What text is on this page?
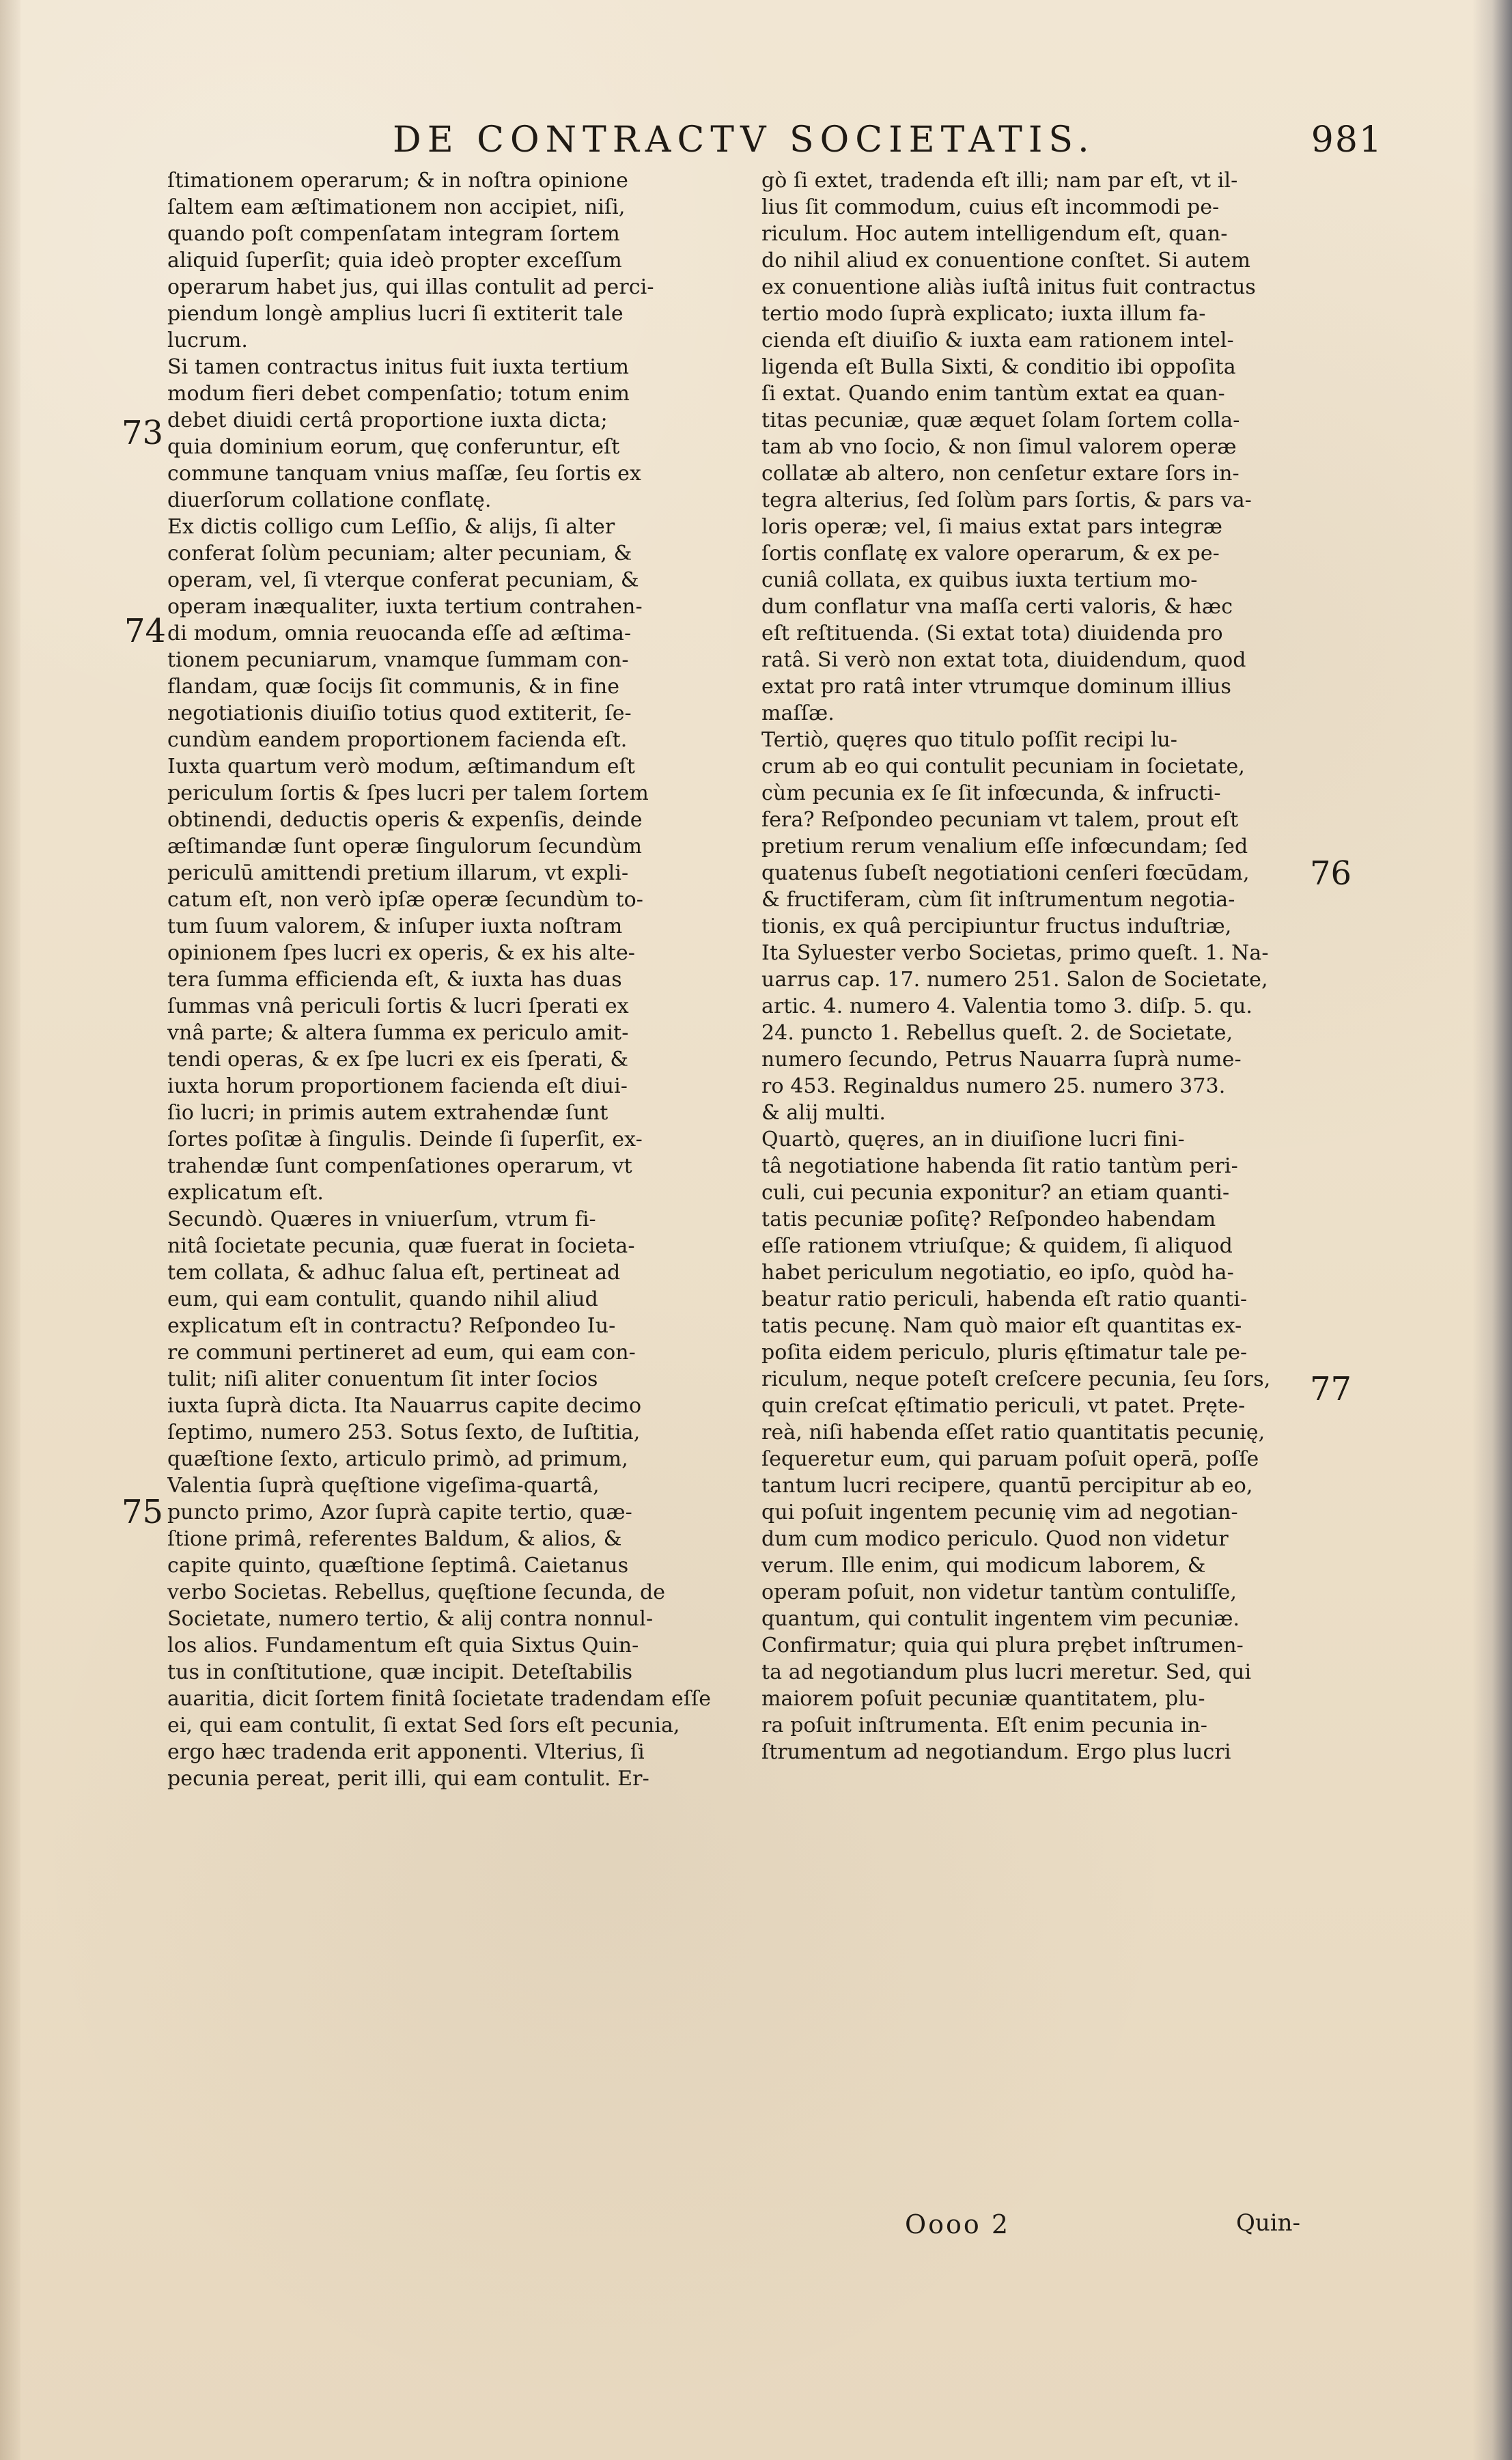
DE CONTRACTV SOCIETATIS.	981
73
74
75
76
77
ſtimationem operarum; & in noſtra opinione
ſaltem eam æſtimationem non accipiet, niſi,
quando poſt compenſatam integram ſortem
aliquid ſuperſit; quia ideò propter exceſſum
operarum habet jus, qui illas contulit ad perci-
piendum longè amplius lucri ſi extiterit tale
lucrum.
Si tamen contractus initus fuit iuxta tertium
modum fieri debet compenſatio; totum enim
debet diuidi certâ proportione iuxta dicta;
quia dominium eorum, quę conferuntur, eſt
commune tanquam vnius maſſæ, ſeu ſortis ex
diuerſorum collatione conflatę.
Ex dictis colligo cum Leſſio, & alijs, ſi alter
conferat ſolùm pecuniam; alter pecuniam, &
operam, vel, ſi vterque conferat pecuniam, &
operam inæqualiter, iuxta tertium contrahen-
di modum, omnia reuocanda eſſe ad æſtima-
tionem pecuniarum, vnamque ſummam con-
flandam, quæ ſocijs ſit communis, & in fine
negotiationis diuiſio totius quod extiterit, ſe-
cundùm eandem proportionem facienda eſt.
Iuxta quartum verò modum, æſtimandum eſt
periculum ſortis & ſpes lucri per talem ſortem
obtinendi, deductis operis & expenſis, deinde
æſtimandæ ſunt operæ ſingulorum ſecundùm
periculū amittendi pretium illarum, vt expli-
catum eſt, non verò ipſæ operæ ſecundùm to-
tum ſuum valorem, & inſuper iuxta noſtram
opinionem ſpes lucri ex operis, & ex his alte-
tera ſumma efficienda eſt, & iuxta has duas
ſummas vnâ periculi ſortis & lucri ſperati ex
vnâ parte; & altera ſumma ex periculo amit-
tendi operas, & ex ſpe lucri ex eis ſperati, &
iuxta horum proportionem facienda eſt diui-
ſio lucri; in primis autem extrahendæ ſunt
ſortes poſitæ à ſingulis. Deinde ſi ſuperſit, ex-
trahendæ ſunt compenſationes operarum, vt
explicatum eſt.
Secundò. Quæres in vniuerſum, vtrum fi-
nitâ ſocietate pecunia, quæ fuerat in ſocieta-
tem collata, & adhuc ſalua eſt, pertineat ad
eum, qui eam contulit, quando nihil aliud
explicatum eſt in contractu? Reſpondeo Iu-
re communi pertineret ad eum, qui eam con-
tulit; niſi aliter conuentum ſit inter ſocios
iuxta ſuprà dicta. Ita Nauarrus capite decimo
ſeptimo, numero 253. Sotus ſexto, de Iuſtitia,
quæſtione ſexto, articulo primò, ad primum,
Valentia ſuprà quęſtione vigeſima-quartâ,
puncto primo, Azor ſuprà capite tertio, quæ-
ſtione primâ, referentes Baldum, & alios, &
capite quinto, quæſtione ſeptimâ. Caietanus
verbo Societas. Rebellus, quęſtione ſecunda, de
Societate, numero tertio, & alij contra nonnul-
los alios. Fundamentum eſt quia Sixtus Quin-
tus in conſtitutione, quæ incipit. Deteſtabilis
auaritia, dicit ſortem finitâ ſocietate tradendam eſſe
ei, qui eam contulit, ſi extat Sed ſors eſt pecunia,
ergo hæc tradenda erit apponenti. Vlterius, ſi
pecunia pereat, perit illi, qui eam contulit. Er-
gò ſi extet, tradenda eſt illi; nam par eſt, vt il-
lius ſit commodum, cuius eſt incommodi pe-
riculum. Hoc autem intelligendum eſt, quan-
do nihil aliud ex conuentione conſtet. Si autem
ex conuentione aliàs iuſtâ initus fuit contractus
tertio modo ſuprà explicato; iuxta illum fa-
cienda eſt diuiſio & iuxta eam rationem intel-
ligenda eſt Bulla Sixti, & conditio ibi oppoſita
ſi extat. Quando enim tantùm extat ea quan-
titas pecuniæ, quæ æquet ſolam ſortem colla-
tam ab vno ſocio, & non ſimul valorem operæ
collatæ ab altero, non cenſetur extare ſors in-
tegra alterius, ſed ſolùm pars ſortis, & pars va-
loris operæ; vel, ſi maius extat pars integræ
ſortis conflatę ex valore operarum, & ex pe-
cuniâ collata, ex quibus iuxta tertium mo-
dum conflatur vna maſſa certi valoris, & hæc
eſt reſtituenda. (Si extat tota) diuidenda pro
ratâ. Si verò non extat tota, diuidendum, quod
extat pro ratâ inter vtrumque dominum illius
maſſæ.
Tertiò, quęres quo titulo poſſit recipi lu-
crum ab eo qui contulit pecuniam in ſocietate,
cùm pecunia ex ſe ſit infœcunda, & infructi-
fera? Reſpondeo pecuniam vt talem, prout eſt
pretium rerum venalium eſſe infœcundam; ſed
quatenus ſubeſt negotiationi cenſeri fœcūdam,
& fructiferam, cùm ſit inſtrumentum negotia-
tionis, ex quâ percipiuntur fructus induſtriæ,
Ita Syluester verbo Societas, primo queſt. 1. Na-
uarrus cap. 17. numero 251. Salon de Societate,
artic. 4. numero 4. Valentia tomo 3. diſp. 5. qu.
24. puncto 1. Rebellus queſt. 2. de Societate,
numero ſecundo, Petrus Nauarra ſuprà nume-
ro 453. Reginaldus numero 25. numero 373.
& alij multi.
Quartò, quęres, an in diuiſione lucri fini-
tâ negotiatione habenda ſit ratio tantùm peri-
culi, cui pecunia exponitur? an etiam quanti-
tatis pecuniæ poſitę? Reſpondeo habendam
eſſe rationem vtriuſque; & quidem, ſi aliquod
habet periculum negotiatio, eo ipſo, quòd ha-
beatur ratio periculi, habenda eſt ratio quanti-
tatis pecunę. Nam quò maior eſt quantitas ex-
poſita eidem periculo, pluris ęſtimatur tale pe-
riculum, neque poteſt creſcere pecunia, ſeu ſors,
quin creſcat ęſtimatio periculi, vt patet. Pręte-
reà, niſi habenda eſſet ratio quantitatis pecunię,
ſequeretur eum, qui paruam poſuit operā, poſſe
tantum lucri recipere, quantū percipitur ab eo,
qui poſuit ingentem pecunię vim ad negotian-
dum cum modico periculo. Quod non videtur
verum. Ille enim, qui modicum laborem, &
operam poſuit, non videtur tantùm contuliſſe,
quantum, qui contulit ingentem vim pecuniæ.
Confirmatur; quia qui plura prębet inſtrumen-
ta ad negotiandum plus lucri meretur. Sed, qui
maiorem poſuit pecuniæ quantitatem, plu-
ra poſuit inſtrumenta. Eſt enim pecunia in-
ſtrumentum ad negotiandum. Ergo plus lucri
Oooo 2	Quin-
